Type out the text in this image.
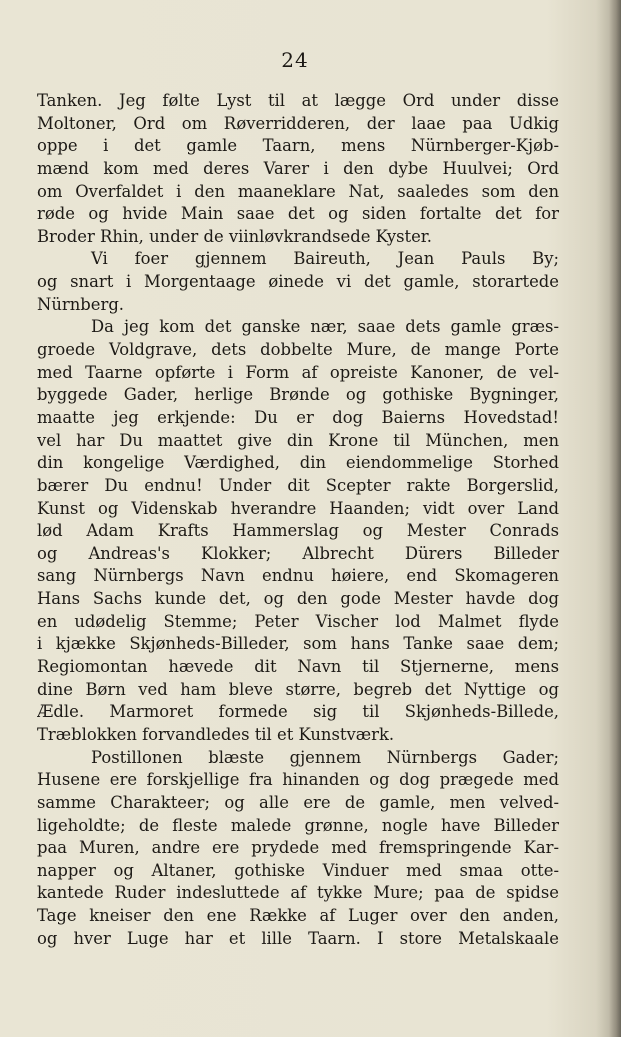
24
Tanken. Jeg følte Lyst til at lægge Ord under disse
Moltoner, Ord om Røverridderen, der laae paa Udkig
oppe i det gamle Taarn, mens Nürnberger-Kjøb-
mænd kom med deres Varer i den dybe Huulvei; Ord
om Overfaldet i den maaneklare Nat, saaledes som den
røde og hvide Main saae det og siden fortalte det for
Broder Rhin, under de viinløvkrandsede Kyster.
Vi foer gjennem Baireuth, Jean Pauls By;
og snart i Morgentaage øinede vi det gamle, storartede
Nürnberg.
Da jeg kom det ganske nær, saae dets gamle græs-
groede Voldgrave, dets dobbelte Mure, de mange Porte
med Taarne opførte i Form af opreiste Kanoner, de vel-
byggede Gader, herlige Brønde og gothiske Bygninger,
maatte jeg erkjende: Du er dog Baierns Hovedstad!
vel har Du maattet give din Krone til München, men
din kongelige Værdighed, din eiendommelige Storhed
bærer Du endnu! Under dit Scepter rakte Borgerslid,
Kunst og Videnskab hverandre Haanden; vidt over Land
lød Adam Krafts Hammerslag og Mester Conrads
og Andreas's Klokker; Albrecht Dürers Billeder
sang Nürnbergs Navn endnu høiere, end Skomageren
Hans Sachs kunde det, og den gode Mester havde dog
en udødelig Stemme; Peter Vischer lod Malmet flyde
i kjække Skjønheds-Billeder, som hans Tanke saae dem;
Regiomontan hævede dit Navn til Stjernerne, mens
dine Børn ved ham bleve større, begreb det Nyttige og
Ædle. Marmoret formede sig til Skjønheds-Billede,
Træblokken forvandledes til et Kunstværk.
Postillonen blæste gjennem Nürnbergs Gader;
Husene ere forskjellige fra hinanden og dog prægede med
samme Charakteer; og alle ere de gamle, men velved-
ligeholdte; de fleste malede grønne, nogle have Billeder
paa Muren, andre ere prydede med fremspringende Kar-
napper og Altaner, gothiske Vinduer med smaa otte-
kantede Ruder indesluttede af tykke Mure; paa de spidse
Tage kneiser den ene Række af Luger over den anden,
og hver Luge har et lille Taarn. I store Metalskaale
